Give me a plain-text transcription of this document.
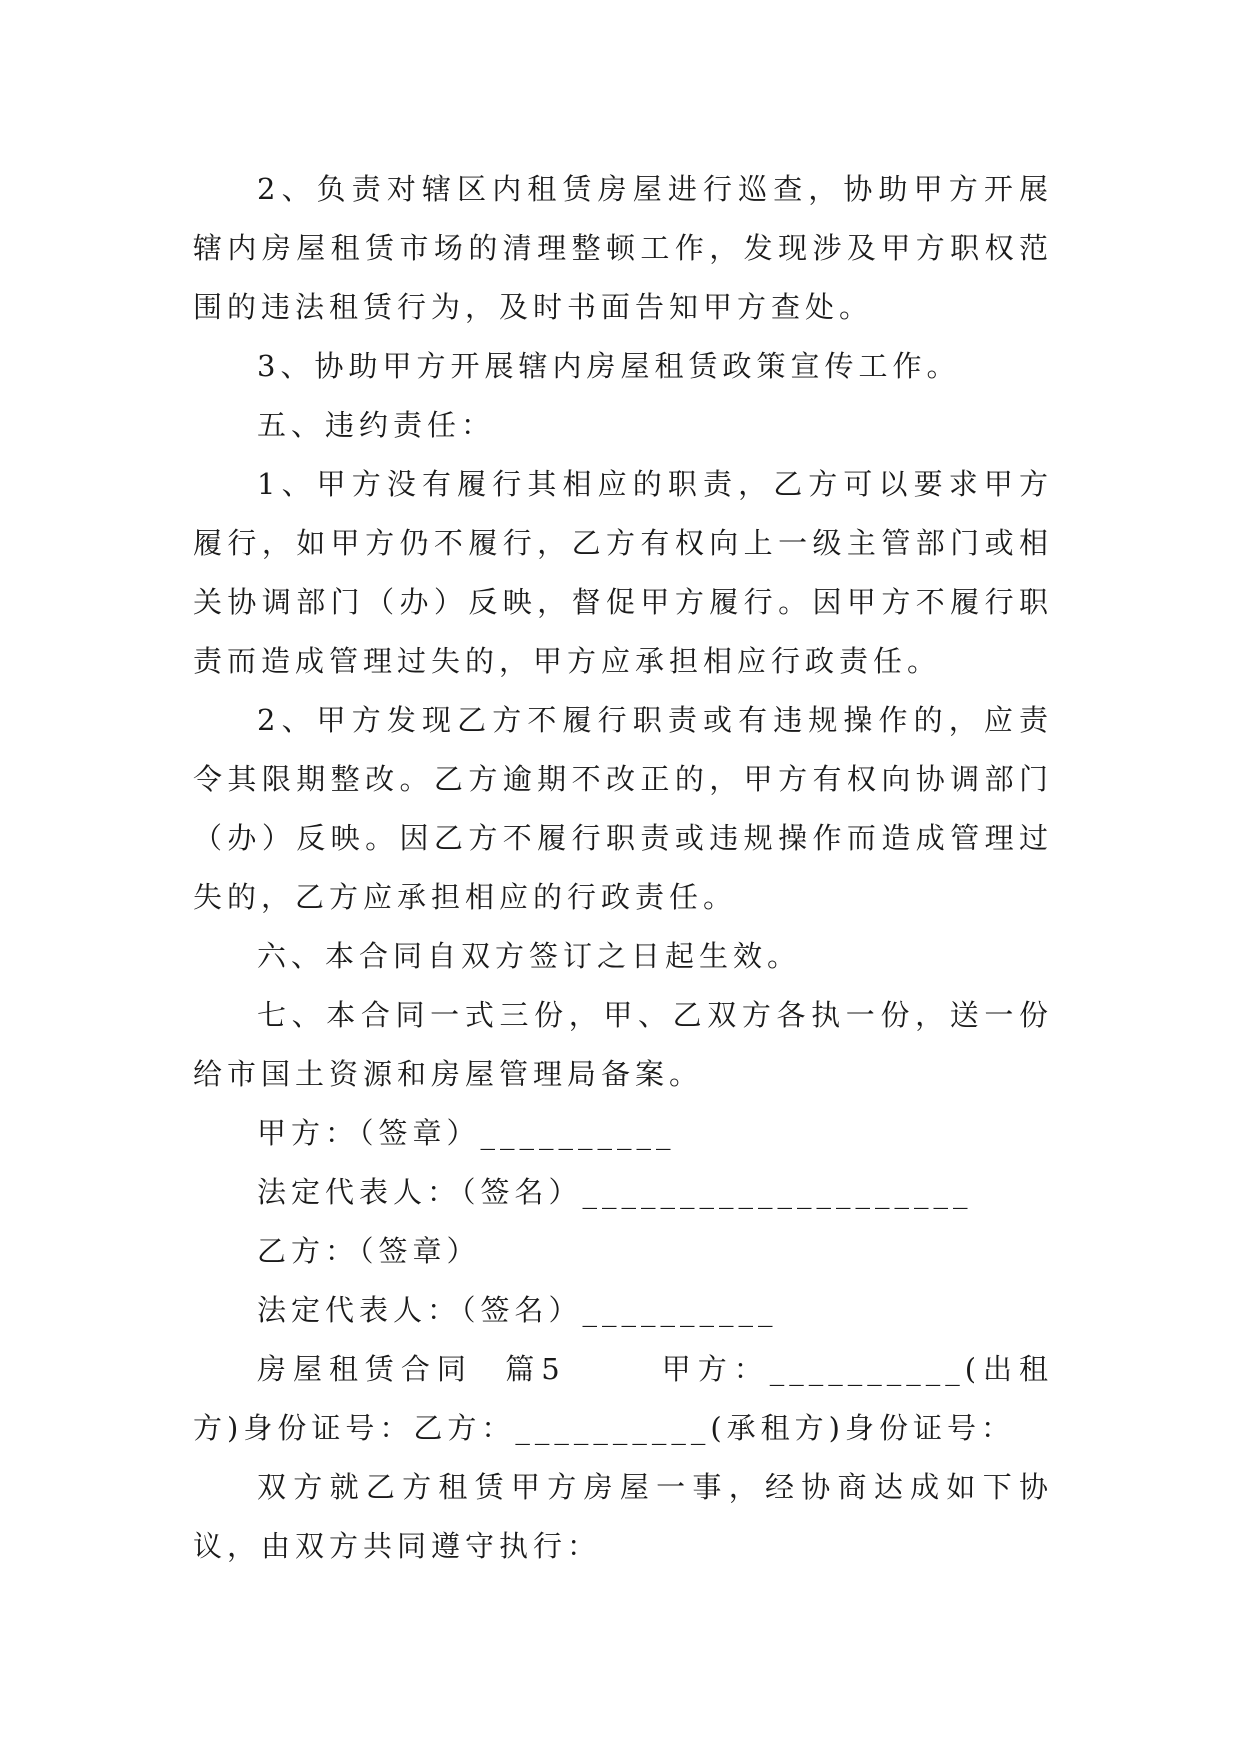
2、负责对辖区内租赁房屋进行巡查，协助甲方开展辖内房屋租赁市场的清理整顿工作，发现涉及甲方职权范围的违法租赁行为，及时书面告知甲方查处。

3、协助甲方开展辖内房屋租赁政策宣传工作。

五、违约责任：

1、甲方没有履行其相应的职责，乙方可以要求甲方履行，如甲方仍不履行，乙方有权向上一级主管部门或相关协调部门（办）反映，督促甲方履行。因甲方不履行职责而造成管理过失的，甲方应承担相应行政责任。

2、甲方发现乙方不履行职责或有违规操作的，应责令其限期整改。乙方逾期不改正的，甲方有权向协调部门（办）反映。因乙方不履行职责或违规操作而造成管理过失的，乙方应承担相应的行政责任。

六、本合同自双方签订之日起生效。

七、本合同一式三份，甲、乙双方各执一份，送一份给市国土资源和房屋管理局备案。

甲方：（签章）__________
法定代表人：（签名）____________________
乙方：（签章）
法定代表人：（签名）__________

房屋租赁合同  篇5      甲方：__________(出租方)身份证号：乙方：__________(承租方)身份证号：

双方就乙方租赁甲方房屋一事，经协商达成如下协议，由双方共同遵守执行：
